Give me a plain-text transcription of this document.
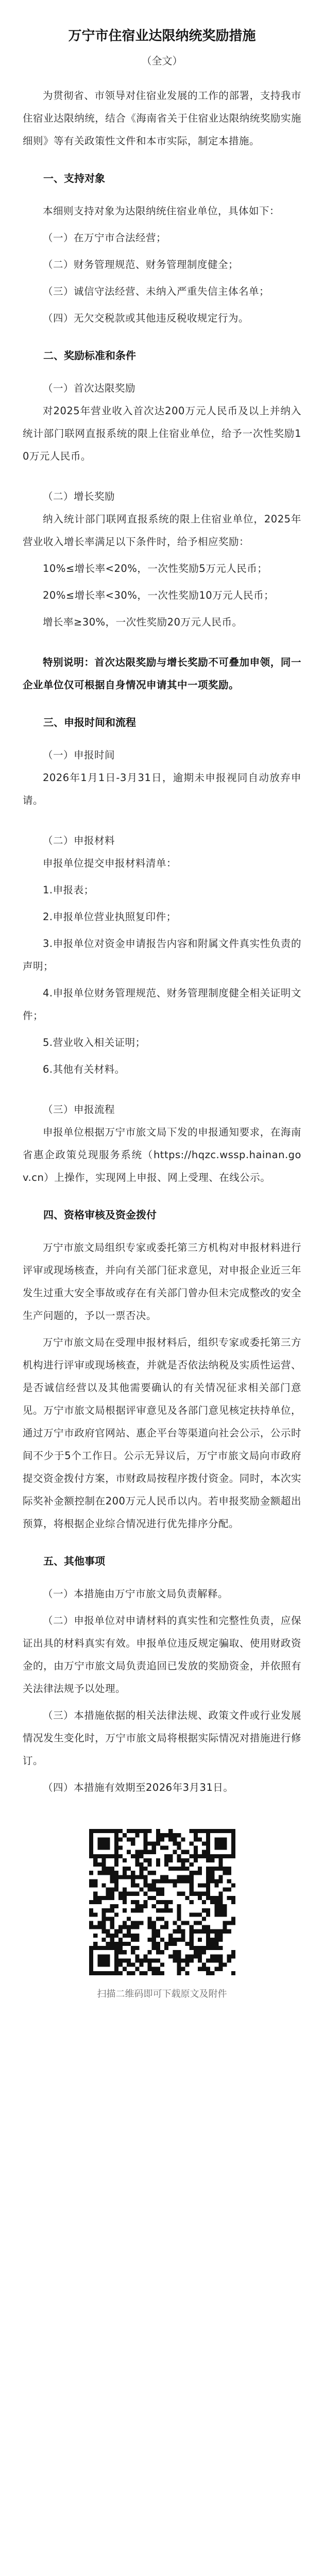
万宁市住宿业达限纳统奖励措施
（全文）

为贯彻省、市领导对住宿业发展的工作的部署，支持我市住宿业达限纳统，结合《海南省关于住宿业达限纳统奖励实施细则》等有关政策性文件和本市实际，制定本措施。

一、支持对象

本细则支持对象为达限纳统住宿业单位，具体如下：

（一）在万宁市合法经营；

（二）财务管理规范、财务管理制度健全；

（三）诚信守法经营、未纳入严重失信主体名单；

（四）无欠交税款或其他违反税收规定行为。

二、奖励标准和条件

（一）首次达限奖励

对2025年营业收入首次达200万元人民币及以上并纳入统计部门联网直报系统的限上住宿业单位，给予一次性奖励10万元人民币。

（二）增长奖励

纳入统计部门联网直报系统的限上住宿业单位，2025年营业收入增长率满足以下条件时，给予相应奖励：

10%≤增长率<20%，一次性奖励5万元人民币；

20%≤增长率<30%，一次性奖励10万元人民币；

增长率≥30%，一次性奖励20万元人民币。

特别说明：首次达限奖励与增长奖励不可叠加申领，同一企业单位仅可根据自身情况申请其中一项奖励。

三、申报时间和流程

（一）申报时间

2026年1月1日-3月31日，逾期未申报视同自动放弃申请。

（二）申报材料

申报单位提交申报材料清单：

1.申报表；

2.申报单位营业执照复印件；

3.申报单位对资金申请报告内容和附属文件真实性负责的声明；

4.申报单位财务管理规范、财务管理制度健全相关证明文件；

5.营业收入相关证明；

6.其他有关材料。

（三）申报流程

申报单位根据万宁市旅文局下发的申报通知要求，在海南省惠企政策兑现服务系统（https://hqzc.wssp.hainan.gov.cn）上操作，实现网上申报、网上受理、在线公示。

四、资格审核及资金拨付

万宁市旅文局组织专家或委托第三方机构对申报材料进行评审或现场核查，并向有关部门征求意见，对申报企业近三年发生过重大安全事故或存在有关部门曾办但未完成整改的安全生产问题的，予以一票否决。

万宁市旅文局在受理申报材料后，组织专家或委托第三方机构进行评审或现场核查，并就是否依法纳税及实质性运营、是否诚信经营以及其他需要确认的有关情况征求相关部门意见。万宁市旅文局根据评审意见及各部门意见核定扶持单位，通过万宁市政府官网站、惠企平台等渠道向社会公示，公示时间不少于5个工作日。公示无异议后，万宁市旅文局向市政府提交资金拨付方案，市财政局按程序拨付资金。同时，本次实际奖补金额控制在200万元人民币以内。若申报奖励金额超出预算，将根据企业综合情况进行优先排序分配。

五、其他事项

（一）本措施由万宁市旅文局负责解释。

（二）申报单位对申请材料的真实性和完整性负责，应保证出具的材料真实有效。申报单位违反规定骗取、使用财政资金的，由万宁市旅文局负责追回已发放的奖励资金，并依照有关法律法规予以处理。

（三）本措施依据的相关法律法规、政策文件或行业发展情况发生变化时，万宁市旅文局将根据实际情况对措施进行修订。

（四）本措施有效期至2026年3月31日。

扫描二维码即可下载原文及附件
